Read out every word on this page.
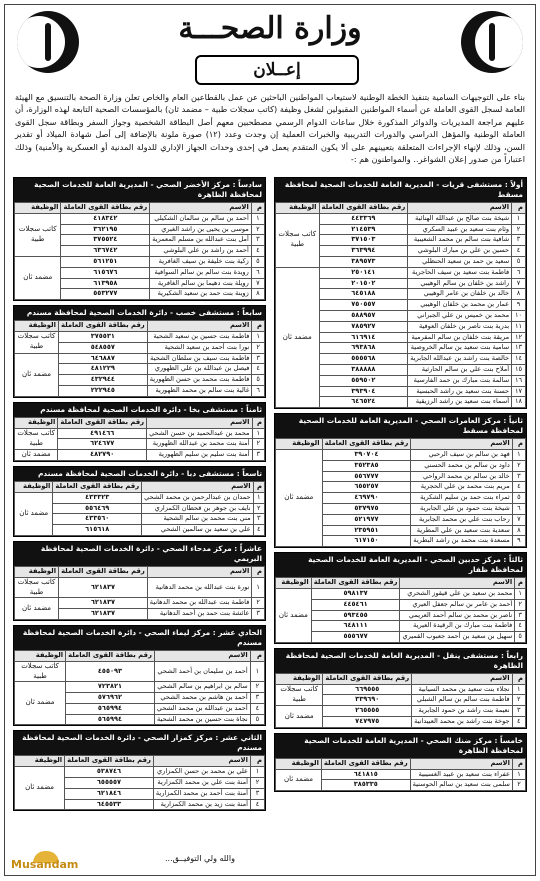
وزارة الصحـــة
إعــلان
بناء على التوجيهات السامية بتنفيذ الخطة الوطنية لاستيعاب المواطنين الباحثين عن عمل بالقطاعين العام والخاص تعلن وزارة الصحة بالتنسيق مع الهيئة العامة لسجل القوى العاملة عن أسماء المواطنين المقبولين لشغل وظيفة (كاتب سجلات طبية – مضمد ثان) بالمؤسسات الصحية التابعة لهذه الوزارة، أن عليهم مراجعة المديريات والدوائر المذكورة خلال ساعات الدوام الرسمي مصطحبين معهم أصل البطاقة الشخصية وجواز السفر وبطاقة سجل القوى العاملة الوطنية والمؤهل الدراسي والدورات التدريبية والخبرات العملية إن وجدت وعدد (١٢) صورة ملونة بالإضافة إلى أصل شهادة الميلاد أو تقدير السن، وذلك لإنهاء الإجراءات المتعلقة بتعيينهم على ألا يكون المتقدم يعمل في إحدى وحدات الجهاز الإداري للدولة المدنية أو العسكرية والأمنية) وذلك اعتباراً من صدور إعلان الشواغر.. والمواطنون هم :-
أولاً : مستشفى قريات - المديرية العامة للخدمات الصحية لمحافظة مسقط
م	الاسم	رقم بطاقة القوى العاملة	الوظيفة
١	شيخة بنت صالح بن عبدالله الهنائية	٤٤٣٣٦٩	كاتب سجلات طبية
٢	وئام بنت سعيد بن عبيد السكري	٢١٤٥٣٩	
٣	شافية بنت سالم بن محمد الشعيبية	٣٧١٥٠٣	
٤	حسين بن علي بن مبارك البلوشي	٣٦٣٩٩٤	
٥	سعيد بن حمد بن سعيد الحنظلي	٣٨٩٥٧٣	
٦	فاطمة بنت سعيد بن سيف الحاجرية	٢٥٠١٤١	مضمد ثان
٧	راشد بن خلفان بن سالم الوهيبي	٢٠١٥٠٢	
٨	خالد بن خلفان بن عامر الوهيبي	٦٤٥١٨٨	
٩	عمار بن محمد بن خلفان الوهيبي	٧٥٠٥٥٧	
١٠	محمد بن خميس بن علي الجبراني	٥٨٨٩٥٧	
١١	بدرية بنت ناصر بن خلفان العوفية	٧٨٥٩٢٧	
١٢	مريقة بنت خلفان بن سالم المقرمية	٦١٦٩١٤	
١٣	سامية بنت سعيد بن سالم الخروصية	٦٩٣٨٦٨	
١٤	خالصة بنت راشد بن عبدالله الجابرية	٥٥٥٥٦٨	
١٥	أملاح بنت علي بن سالم الحارثية	٣٨٨٨٨٨	
١٦	سالمة بنت مبارك بن حمد الفارسية	٥٥٩٥٠٢	
١٧	حسنة بنت سعيد بن راشد الحبسية	٣٩٣٩٠٤	
١٨	أسماء بنت سعيد بن راشد الرزيقية	٦٤٦٥٢٤	
ثانياً : مركز العامرات الصحي - المديرية العامة للخدمات الصحية لمحافظة مسقط
م	الاسم	رقم بطاقة القوى العاملة	الوظيفة
١	فهد بن سالم بن سيف الرحبي	٣٩٠٧٠٤	مضمد ثان
٢	داود بن سالم بن محمد الحسني	٣٥٢٣٨٥	
٣	خالد بن سالم بن محمد الرواحي	٥٥٦٧٧٧	
٤	مريم بنت محمد بن علي الحجرية	٦٥٥٢٥٧	
٥	ثمراء بنت حمد بن سليم الشكرية	٤٦٩٧٩٠	
٦	شيخة بنت حمود بن علي الجابرية	٥٣٧٩٧٥	
٧	رحاب بنت علي بن محمد الجابرية	٥٢١٩٧٧	
٨	سعدية بنت سعيد بن علي المطرية	٢٣٥٩٥١	
٩	مسعدة بنت محمد بن راشد البطرية	٦١٧١٥٠	
ثالثاً : مركز حدبين الصحي - المديرية العامة للخدمات الصحية لمحافظة ظفار
م	الاسم	رقم بطاقة القوى العاملة	الوظيفة
١	محمد بن سعيد بن علي قيقوز الشحري	٥٩٨١٣٧	مضمد ثان
٢	أحمد بن عامر بن سالم جعفل العيري	٤٤٥٤٦١	
٣	ناصر بن محمد بن سالم أحمد العريمي	٥٩٣٤٥٥	
٤	فاطمة بنت مبارك بن الرقيدة العيرية	٦٤٨١١١	
٥	سهيل بن سعيد بن أحمد جعبوب القميري	٥٥٥٦٧٧	
رابعاً : مستشفى ينقل - المديرية العامة للخدمات الصحية لمحافظة الظاهرة
م	الاسم	رقم بطاقة القوى العاملة	الوظيفة
١	نجلاء بنت سعيد بن محمد السيابية	٦٦٩٥٥٥	كاتب سجلات طبية
٢	فاطمة بنت سالم بن سالم الشبلي	٣٣٩٦٩٠	
٣	نعيمة بنت راشد بن حمود الجابرية	٢٦٥٥٥٥	مضمد ثان
٤	جوخة بنت راشد بن محمد العبيدانية	٧٤٧٩٧٥	
خامساً : مركز ضنك الصحي - المديرية العامة للخدمات الصحية لمحافظة الظاهرة
م	الاسم	رقم بطاقة القوى العاملة	الوظيفة
١	عفراء بنت سعيد بن عبيد الغسيبية	٦٤١٨١٥	مضمد ثان
٢	سلمى بنت سعيد بن سالم الحوسنية	٣٨٥٣٣٥	
سادساً : مركز الأخضر الصحي - المديرية العامة للخدمات الصحية لمحافظة الظاهرة
م	الاسم	رقم بطاقة القوى العاملة	الوظيفة
١	أحمد بن سالم بن سالمان الشكيلي	٤١٨٣٤٢	كاتب سجلات طبية
٢	موسى بن يحيى بن راشد الغبري	٣٦٢١٩٥	
٣	أمل بنت عبدالله بن مسلم المعمرية	٣٧٥٥٢٤	
٤	أحمد بن راشد بن علي البلوشي	٦٣٦٧٤٢	
٥	زكية بنت خليفة بن سيف الغافرية	٥٦١٢٥١	مضمد ثان
٦	رويدة بنت سالم بن سالم السوافية	٦١٥٦٧٦	
٧	رويلة بنت دهيما بن سالم الغافرية	٦١٣٩٥٨	
٨	زوينة بنت حمد بن سعيد الشكيرية	٥٥٣٢٧٧	
سابعاً : مستشفى خصب - دائرة الخدمات الصحية لمحافظة مسندم
م	الاسم	رقم بطاقة القوى العاملة	الوظيفة
١	فاطمة بنت حسين بن سعيد الشحية	٣٧٥٥٣١	كاتب سجلات طبية
٢	نورا بنت أحمد بن سعيد الشحية	٥٤٨٥٥٧	
٣	فاطمة بنت سيف بن سلطان الشحية	٦٤٦٨٨٧	مضمد ثان
٤	فيصل بن عبدالله بن علي الظهوري	٤٨١٢٢٩	
٥	فاطمة بنت محمد بن حسن الظهورية	٤٣٢٩٤٤	
٦	غالية بنت سالم بن محمد الظهورية	٢٢٢٩٤٥	
ثامناً : مستشفى بخا - دائرة الخدمات الصحية لمحافظة مسندم
م	الاسم	رقم بطاقة القوى العاملة	الوظيفة
١	محمد بن عبدالحميد بن حسن الشحي	٤٩١٤٦٦	كاتب سجلات طبية
٢	أمنة بنت محمد بن عبدالله الظهورية	٦٢٤٦٧٧	
٣	أمنة بنت سليم بن سليم الظهورية	٤٨٢٧٩٠	مضمد ثان
تاسعاً : مستشفى دبا - دائرة الخدمات الصحية لمحافظة مسندم
م	الاسم	رقم بطاقة القوى العاملة	الوظيفة
١	حمدان بن عبدالرحمن بن محمد الشحي	٤٣٣٣٢٣	مضمد ثان
٢	نايف بن جوهر بن قحطان الكمزاري	٥٥٦٤٦٩	
٣	مني بنت محمد بن سالم الشحية	٤٣٣٥٦٠	
٤	علي بن سعيد بن سالمين الشحي	٦١٥٦١٨	
عاشراً : مركز مدحاء الصحي - دائرة الخدمات الصحية لمحافظة البريمي
م	الاسم	رقم بطاقة القوى العاملة	الوظيفة
١	نورة بنت عبدالله بن محمد الدهانية	٦٢١٨٣٧	كاتب سجلات طبية
٢	فاطمة بنت عبدالله بن محمد الدهانية	٦٢١٨٣٧	مضمد ثان
٣	عائشة بنت حمد بن أحمد الدهانية	٦٢١٨٣٧	
الحادي عشر : مركز ليماء الصحي - دائرة الخدمات الصحية لمحافظة مسندم
م	الاسم	رقم بطاقة القوى العاملة	الوظيفة
١	أحمد بن سليمان بن أحمد الشحي	٤٥٥٠٩٣	كاتب سجلات طبية
٢	سالم بن ابراهيم بن سالم الشحي	٧٢٣٨٢١	مضمد ثان
٣	أحمد بن هاشم بن محمد الشحي	٥٧٦٩٦٢	
٤	أحمد بن عبدالله بن محمد الشحي	٥٦٥٩٩٤	
٥	نجاة بنت حسين بن محمد الشحية	٥٦٥٩٩٤	
الثاني عشر : مركز كمزار الصحي - دائرة الخدمات الصحية لمحافظة مسندم
م	الاسم	رقم بطاقة القوى العاملة	الوظيفة
١	علي بن محمد بن حسن الكمزاري	٥٣٨٧٤٦	مضمد ثان
٢	آمنة بنت علي بن محمد الكمزارية	٦٥٥٥٥٧	
٣	آمنة بنت أحمد بن محمد الكمزارية	٦٢١٨٤٦	
٤	آمنة بنت زيد بن محمد الكمزارية	٦٤٥٥٣٣	
والله ولي التوفيــق...
Musandam
